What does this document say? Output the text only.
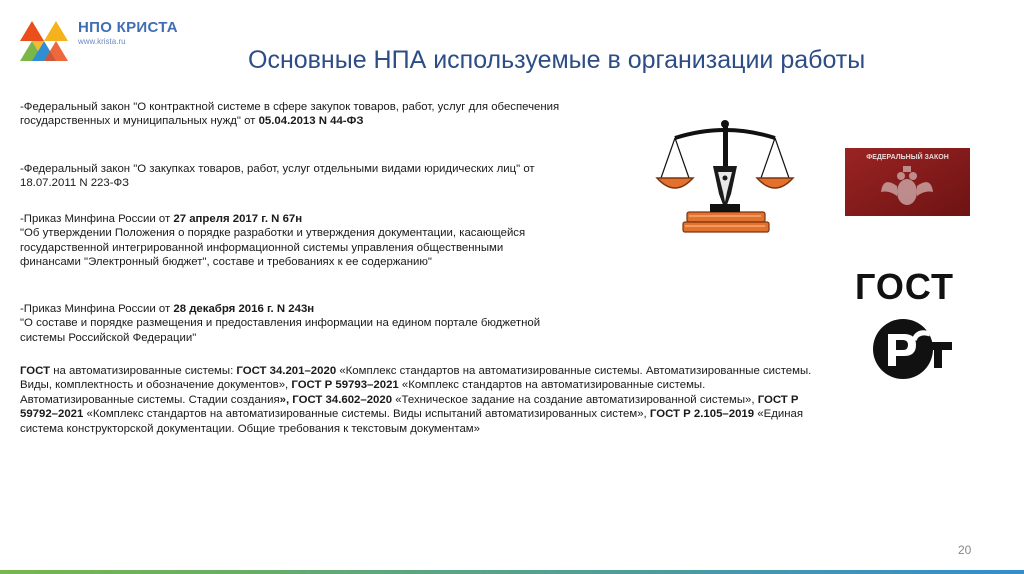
НПО КРИСТА
www.krista.ru
Основные НПА используемые в организации работы

-Федеральный закон "О контрактной системе в сфере закупок товаров, работ, услуг для обеспечения государственных и муниципальных нужд" от 05.04.2013 N 44-ФЗ

-Федеральный закон "О закупках товаров, работ, услуг отдельными видами юридических лиц" от 18.07.2011 N 223-ФЗ

-Приказ Минфина России от 27 апреля 2017 г. N 67н
"Об утверждении Положения о порядке разработки и утверждения документации, касающейся государственной интегрированной информационной системы управления общественными финансами "Электронный бюджет", составе и требованиях к ее содержанию"

-Приказ Минфина России от 28 декабря 2016 г. N 243н
"О составе и порядке размещения и предоставления информации на едином портале бюджетной системы Российской Федерации"

ГОСТ на автоматизированные системы: ГОСТ 34.201–2020 «Комплекс стандартов на автоматизированные системы. Автоматизированные системы. Виды, комплектность и обозначение документов», ГОСТ Р 59793–2021 «Комплекс стандартов на автоматизированные системы. Автоматизированные системы. Стадии создания», ГОСТ 34.602–2020 «Техническое задание на создание автоматизированной системы», ГОСТ Р 59792–2021 «Комплекс стандартов на автоматизированные системы. Виды испытаний автоматизированных систем», ГОСТ Р 2.105–2019 «Единая система конструкторской документации. Общие требования к текстовым документам»

ФЕДЕРАЛЬНЫЙ ЗАКОН
ГОСТ
20
